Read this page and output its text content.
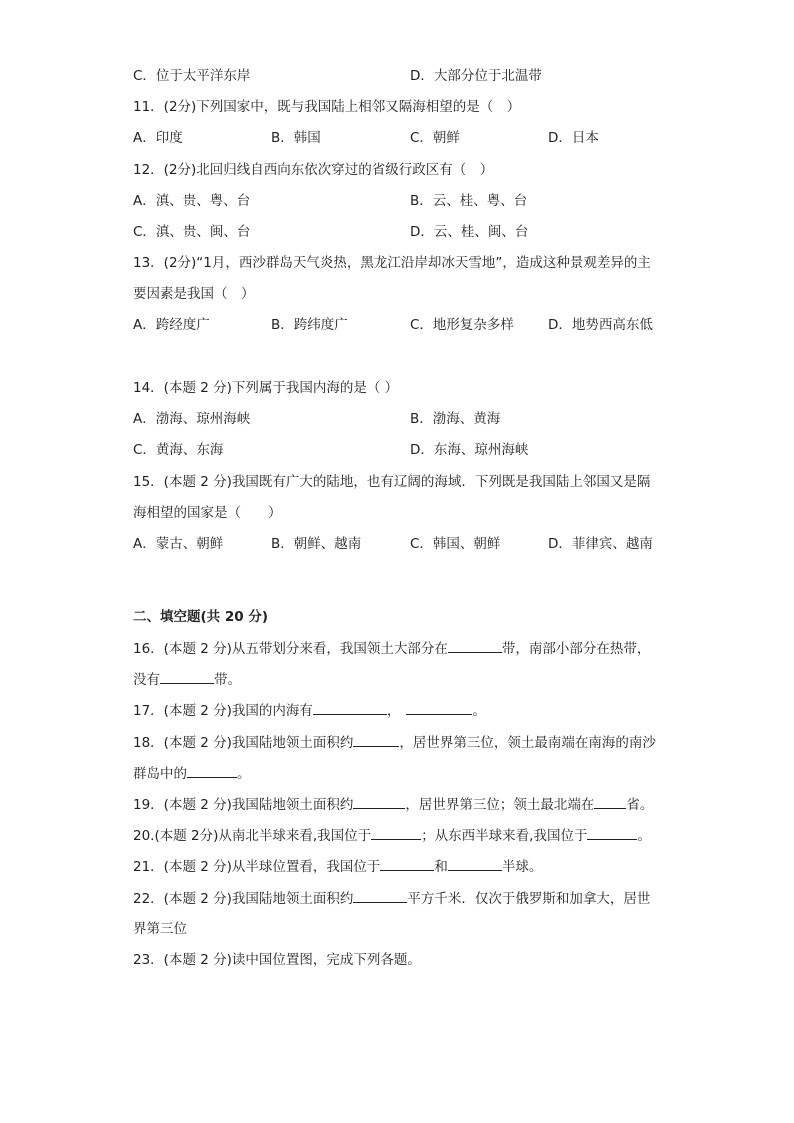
C．位于太平洋东岸	D．大部分位于北温带
11．(2分)下列国家中，既与我国陆上相邻又隔海相望的是（　）
A．印度	B．韩国	C．朝鲜	D．日本
12．(2分)北回归线自西向东依次穿过的省级行政区有（　）
A．滇、贵、粤、台	B．云、桂、粤、台
C．滇、贵、闽、台	D．云、桂、闽、台
13．(2分)“1月，西沙群岛天气炎热，黑龙江沿岸却冰天雪地”，造成这种景观差异的主
要因素是我国（　）
A．跨经度广	B．跨纬度广	C．地形复杂多样	D．地势西高东低
14．(本题 2 分)下列属于我国内海的是（ ）
A．渤海、琼州海峡	B．渤海、黄海
C．黄海、东海	D．东海、琼州海峡
15．(本题 2 分)我国既有广大的陆地，也有辽阔的海域．下列既是我国陆上邻国又是隔
海相望的国家是（　　）
A．蒙古、朝鲜	B．朝鲜、越南	C．韩国、朝鲜	D．菲律宾、越南
二、填空题(共 20 分)
16．(本题 2 分)从五带划分来看，我国领土大部分在	带，南部小部分在热带，
没有	带。
17．(本题 2 分)我国的内海有	，	。
18．(本题 2 分)我国陆地领土面积约	，居世界第三位，领土最南端在南海的南沙
群岛中的	。
19．(本题 2 分)我国陆地领土面积约	，居世界第三位；领土最北端在 省。
20.(本题 2分)从南北半球来看,我国位于	；从东西半球来看,我国位于	。
21．(本题 2 分)从半球位置看，我国位于	和	半球。
22．(本题 2 分)我国陆地领土面积约	平方千米．仅次于俄罗斯和加拿大，居世
界第三位
23．(本题 2 分)读中国位置图，完成下列各题。
